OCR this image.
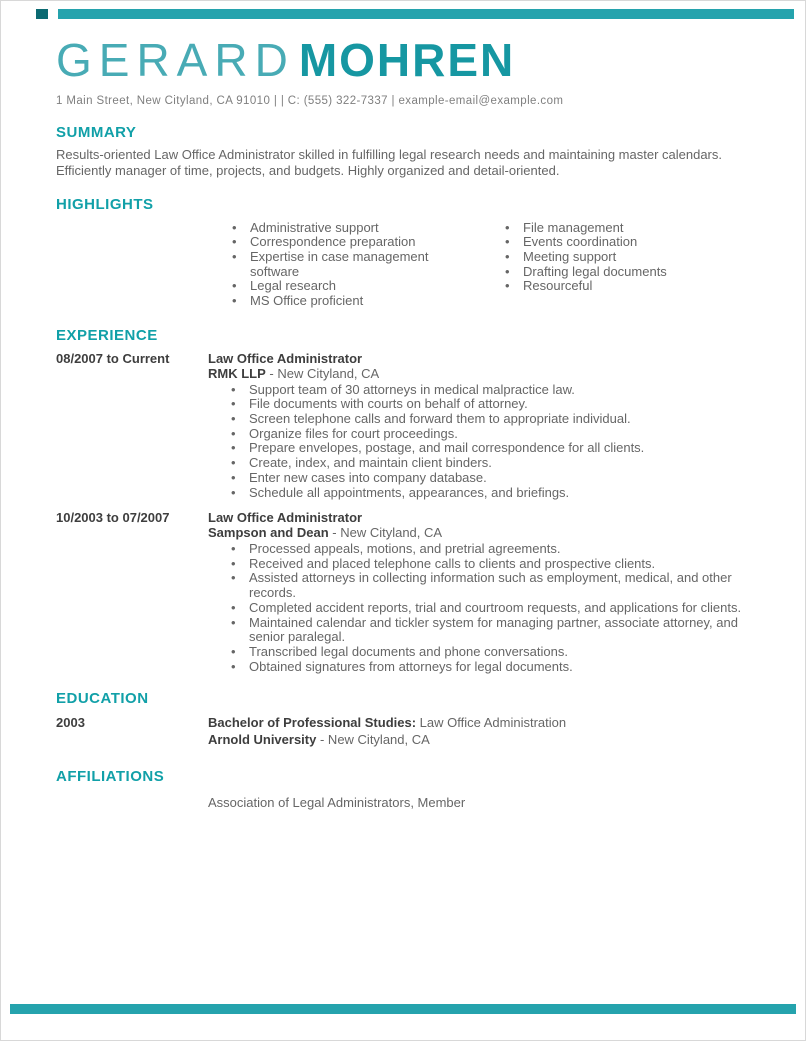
GERARDMOHREN
1 Main Street, New Cityland, CA 91010 | | C: (555) 322-7337 | example-email@example.com
SUMMARY

Results-oriented Law Office Administrator skilled in fulfilling legal research needs and maintaining master calendars. Efficiently manager of time, projects, and budgets. Highly organized and detail-oriented.

HIGHLIGHTS
• Administrative support
• Correspondence preparation
• Expertise in case management software
• Legal research
• MS Office proficient
• File management
• Events coordination
• Meeting support
• Drafting legal documents
• Resourceful
EXPERIENCE
08/2007 to Current	Law Office Administrator
RMK LLP - New Cityland, CA
• Support team of 30 attorneys in medical malpractice law.
• File documents with courts on behalf of attorney.
• Screen telephone calls and forward them to appropriate individual.
• Organize files for court proceedings.
• Prepare envelopes, postage, and mail correspondence for all clients.
• Create, index, and maintain client binders.
• Enter new cases into company database.
• Schedule all appointments, appearances, and briefings.
10/2003 to 07/2007	Law Office Administrator
Sampson and Dean - New Cityland, CA
• Processed appeals, motions, and pretrial agreements.
• Received and placed telephone calls to clients and prospective clients.
• Assisted attorneys in collecting information such as employment, medical, and other records.
• Completed accident reports, trial and courtroom requests, and applications for clients.
• Maintained calendar and tickler system for managing partner, associate attorney, and senior paralegal.
• Transcribed legal documents and phone conversations.
• Obtained signatures from attorneys for legal documents.
EDUCATION
2003	Bachelor of Professional Studies: Law Office Administration
Arnold University - New Cityland, CA
AFFILIATIONS
Association of Legal Administrators, Member
